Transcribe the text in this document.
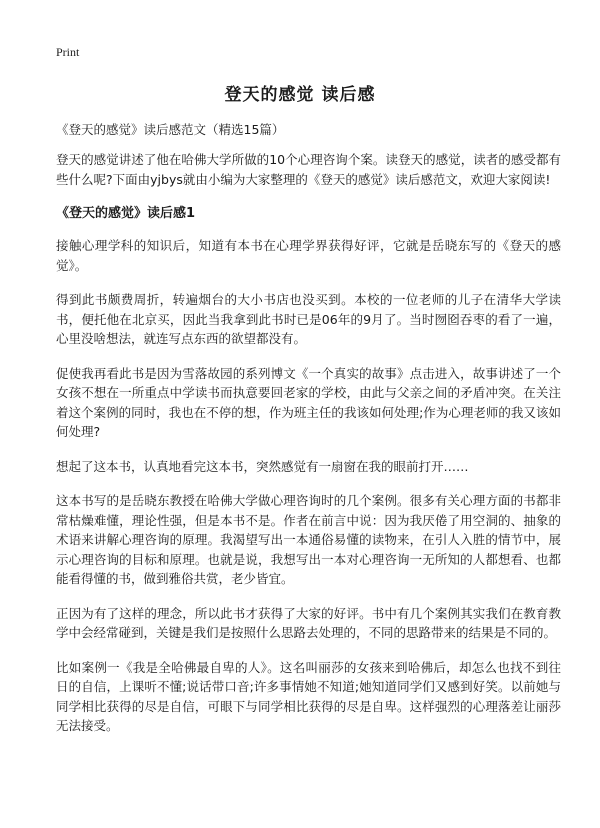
Print
登天的感觉 读后感

《登天的感觉》读后感范文（精选15篇）

登天的感觉讲述了他在哈佛大学所做的10个心理咨询个案。读登天的感觉，读者的感受都有些什么呢?下面由yjbys就由小编为大家整理的《登天的感觉》读后感范文，欢迎大家阅读!

《登天的感觉》读后感1

接触心理学科的知识后，知道有本书在心理学界获得好评，它就是岳晓东写的《登天的感觉》。

得到此书颇费周折，转遍烟台的大小书店也没买到。本校的一位老师的儿子在清华大学读书，便托他在北京买，因此当我拿到此书时已是06年的9月了。当时囫囵吞枣的看了一遍，心里没啥想法，就连写点东西的欲望都没有。

促使我再看此书是因为雪落故园的系列博文《一个真实的故事》点击进入，故事讲述了一个女孩不想在一所重点中学读书而执意要回老家的学校，由此与父亲之间的矛盾冲突。在关注着这个案例的同时，我也在不停的想，作为班主任的我该如何处理;作为心理老师的我又该如何处理?

想起了这本书，认真地看完这本书，突然感觉有一扇窗在我的眼前打开……

这本书写的是岳晓东教授在哈佛大学做心理咨询时的几个案例。很多有关心理方面的书都非常枯燥难懂，理论性强，但是本书不是。作者在前言中说：因为我厌倦了用空洞的、抽象的术语来讲解心理咨询的原理。我渴望写出一本通俗易懂的读物来，在引人入胜的情节中，展示心理咨询的目标和原理。也就是说，我想写出一本对心理咨询一无所知的人都想看、也都能看得懂的书，做到雅俗共赏，老少皆宜。

正因为有了这样的理念，所以此书才获得了大家的好评。书中有几个案例其实我们在教育教学中会经常碰到，关键是我们是按照什么思路去处理的，不同的思路带来的结果是不同的。

比如案例一《我是全哈佛最自卑的人》。这名叫丽莎的女孩来到哈佛后，却怎么也找不到往日的自信，上课听不懂;说话带口音;许多事情她不知道;她知道同学们又感到好笑。以前她与同学相比获得的尽是自信，可眼下与同学相比获得的尽是自卑。这样强烈的心理落差让丽莎无法接受。
